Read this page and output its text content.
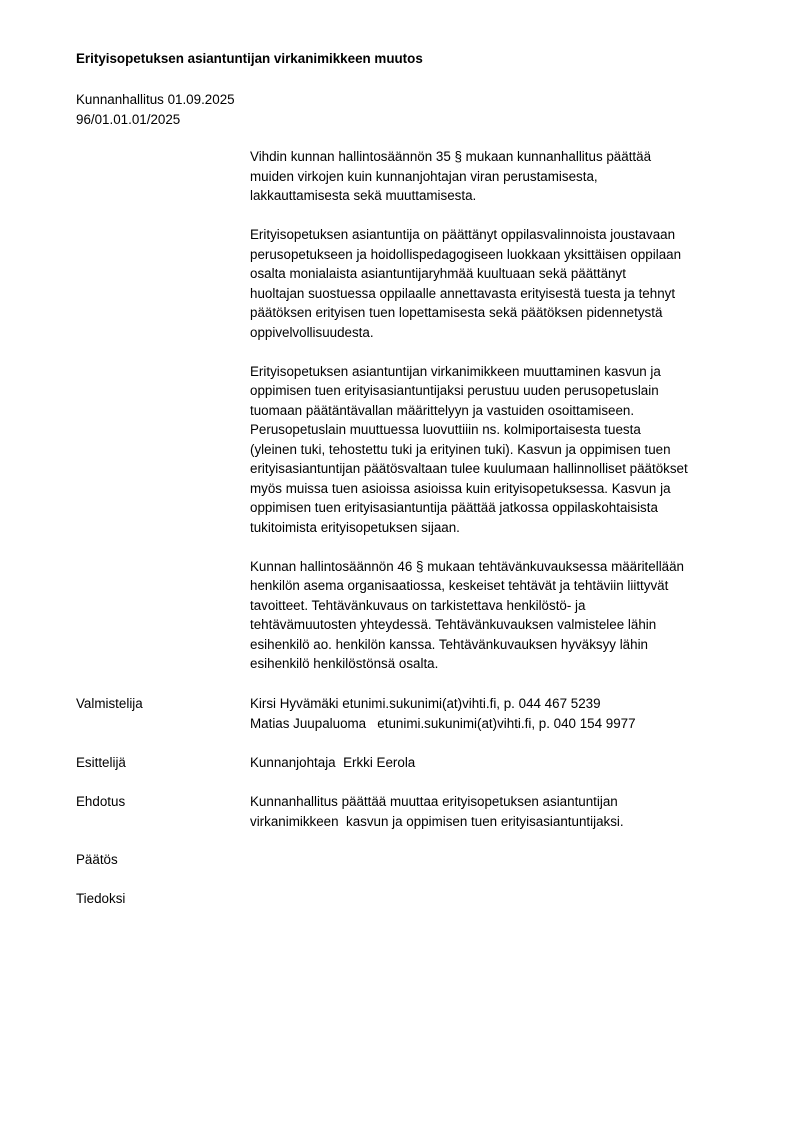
Erityisopetuksen asiantuntijan virkanimikkeen muutos
Kunnanhallitus 01.09.2025
96/01.01.01/2025
Vihdin kunnan hallintosäännön 35 § mukaan kunnanhallitus päättää
muiden virkojen kuin kunnanjohtajan viran perustamisesta,
lakkauttamisesta sekä muuttamisesta.
Erityisopetuksen asiantuntija on päättänyt oppilasvalinnoista joustavaan
perusopetukseen ja hoidollispedagogiseen luokkaan yksittäisen oppilaan
osalta monialaista asiantuntijaryhmää kuultuaan sekä päättänyt
huoltajan suostuessa oppilaalle annettavasta erityisestä tuesta ja tehnyt
päätöksen erityisen tuen lopettamisesta sekä päätöksen pidennetystä
oppivelvollisuudesta.
Erityisopetuksen asiantuntijan virkanimikkeen muuttaminen kasvun ja
oppimisen tuen erityisasiantuntijaksi perustuu uuden perusopetuslain
tuomaan päätäntävallan määrittelyyn ja vastuiden osoittamiseen.
Perusopetuslain muuttuessa luovuttiiin ns. kolmiportaisesta tuesta
(yleinen tuki, tehostettu tuki ja erityinen tuki). Kasvun ja oppimisen tuen
erityisasiantuntijan päätösvaltaan tulee kuulumaan hallinnolliset päätökset
myös muissa tuen asioissa asioissa kuin erityisopetuksessa. Kasvun ja
oppimisen tuen erityisasiantuntija päättää jatkossa oppilaskohtaisista
tukitoimista erityisopetuksen sijaan.
Kunnan hallintosäännön 46 § mukaan tehtävänkuvauksessa määritellään
henkilön asema organisaatiossa, keskeiset tehtävät ja tehtäviin liittyvät
tavoitteet. Tehtävänkuvaus on tarkistettava henkilöstö- ja
tehtävämuutosten yhteydessä. Tehtävänkuvauksen valmistelee lähin
esihenkilö ao. henkilön kanssa. Tehtävänkuvauksen hyväksyy lähin
esihenkilö henkilöstönsä osalta.
Valmistelija	Kirsi Hyvämäki etunimi.sukunimi(at)vihti.fi, p. 044 467 5239
Matias Juupaluoma   etunimi.sukunimi(at)vihti.fi, p. 040 154 9977
Esittelijä	Kunnanjohtaja  Erkki Eerola
Ehdotus	Kunnanhallitus päättää muuttaa erityisopetuksen asiantuntijan
virkanimikkeen  kasvun ja oppimisen tuen erityisasiantuntijaksi.
Päätös
Tiedoksi
